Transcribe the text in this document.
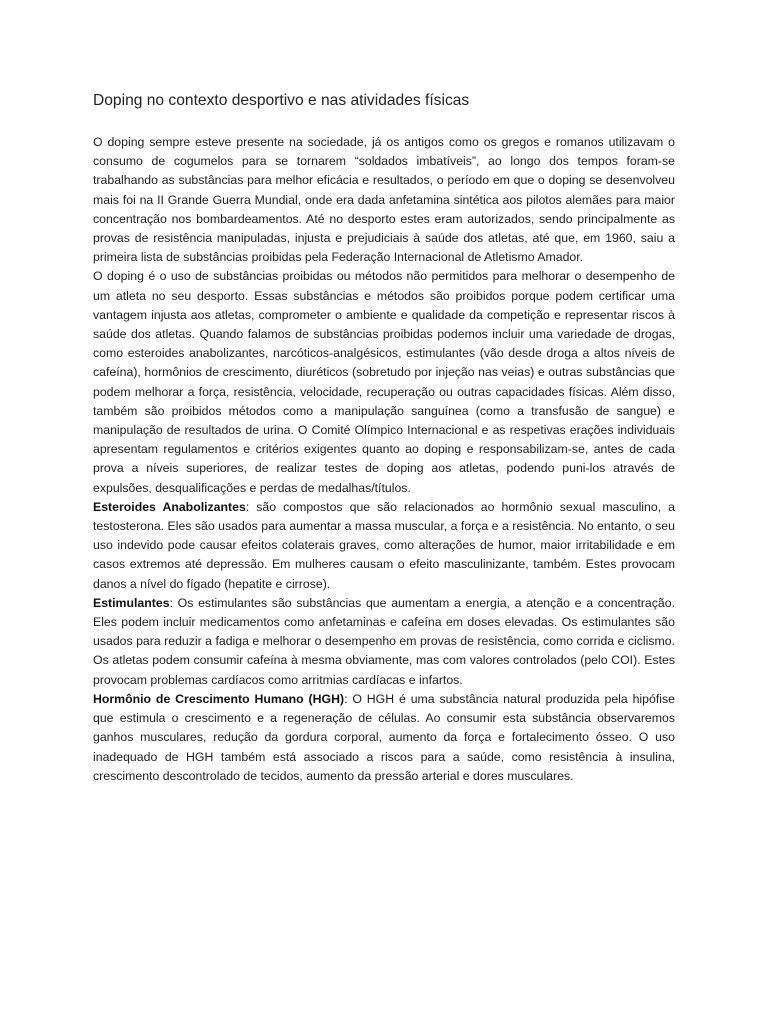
Doping no contexto desportivo e nas atividades físicas

O doping sempre esteve presente na sociedade, já os antigos como os gregos e romanos utilizavam o consumo de cogumelos para se tornarem “soldados imbatíveis”, ao longo dos tempos foram-se trabalhando as substâncias para melhor eficácia e resultados, o período em que o doping se desenvolveu mais foi na II Grande Guerra Mundial, onde era dada anfetamina sintética aos pilotos alemães para maior concentração nos bombardeamentos. Até no desporto estes eram autorizados, sendo principalmente as provas de resistência manipuladas, injusta e prejudiciais à saúde dos atletas, até que, em 1960, saiu a primeira lista de substâncias proibidas pela Federação Internacional de Atletismo Amador.

O doping é o uso de substâncias proibidas ou métodos não permitidos para melhorar o desempenho de um atleta no seu desporto. Essas substâncias e métodos são proibidos porque podem certificar uma vantagem injusta aos atletas, comprometer o ambiente e qualidade da competição e representar riscos à saúde dos atletas. Quando falamos de substâncias proibidas podemos incluir uma variedade de drogas, como esteroides anabolizantes, narcóticos-analgésicos, estimulantes (vão desde droga a altos níveis de cafeína), hormônios de crescimento, diuréticos (sobretudo por injeção nas veias) e outras substâncias que podem melhorar a força, resistência, velocidade, recuperação ou outras capacidades físicas. Além disso, também são proibidos métodos como a manipulação sanguínea (como a transfusão de sangue) e manipulação de resultados de urina. O Comité Olímpico Internacional e as respetivas erações individuais apresentam regulamentos e critérios exigentes quanto ao doping e responsabilizam-se, antes de cada prova a níveis superiores, de realizar testes de doping aos atletas, podendo puni-los através de expulsões, desqualificações e perdas de medalhas/títulos.

Esteroides Anabolizantes: são compostos que são relacionados ao hormônio sexual masculino, a testosterona. Eles são usados para aumentar a massa muscular, a força e a resistência. No entanto, o seu uso indevido pode causar efeitos colaterais graves, como alterações de humor, maior irritabilidade e em casos extremos até depressão. Em mulheres causam o efeito masculinizante, também. Estes provocam danos a nível do fígado (hepatite e cirrose).

Estimulantes: Os estimulantes são substâncias que aumentam a energia, a atenção e a concentração. Eles podem incluir medicamentos como anfetaminas e cafeína em doses elevadas. Os estimulantes são usados para reduzir a fadiga e melhorar o desempenho em provas de resistência, como corrida e ciclismo. Os atletas podem consumir cafeína à mesma obviamente, mas com valores controlados (pelo COI). Estes provocam problemas cardíacos como arritmias cardíacas e infartos.

Hormônio de Crescimento Humano (HGH): O HGH é uma substância natural produzida pela hipófise que estimula o crescimento e a regeneração de células. Ao consumir esta substância observaremos ganhos musculares, redução da gordura corporal, aumento da força e fortalecimento ósseo. O uso inadequado de HGH também está associado a riscos para a saúde, como resistência à insulina, crescimento descontrolado de tecidos, aumento da pressão arterial e dores musculares.
